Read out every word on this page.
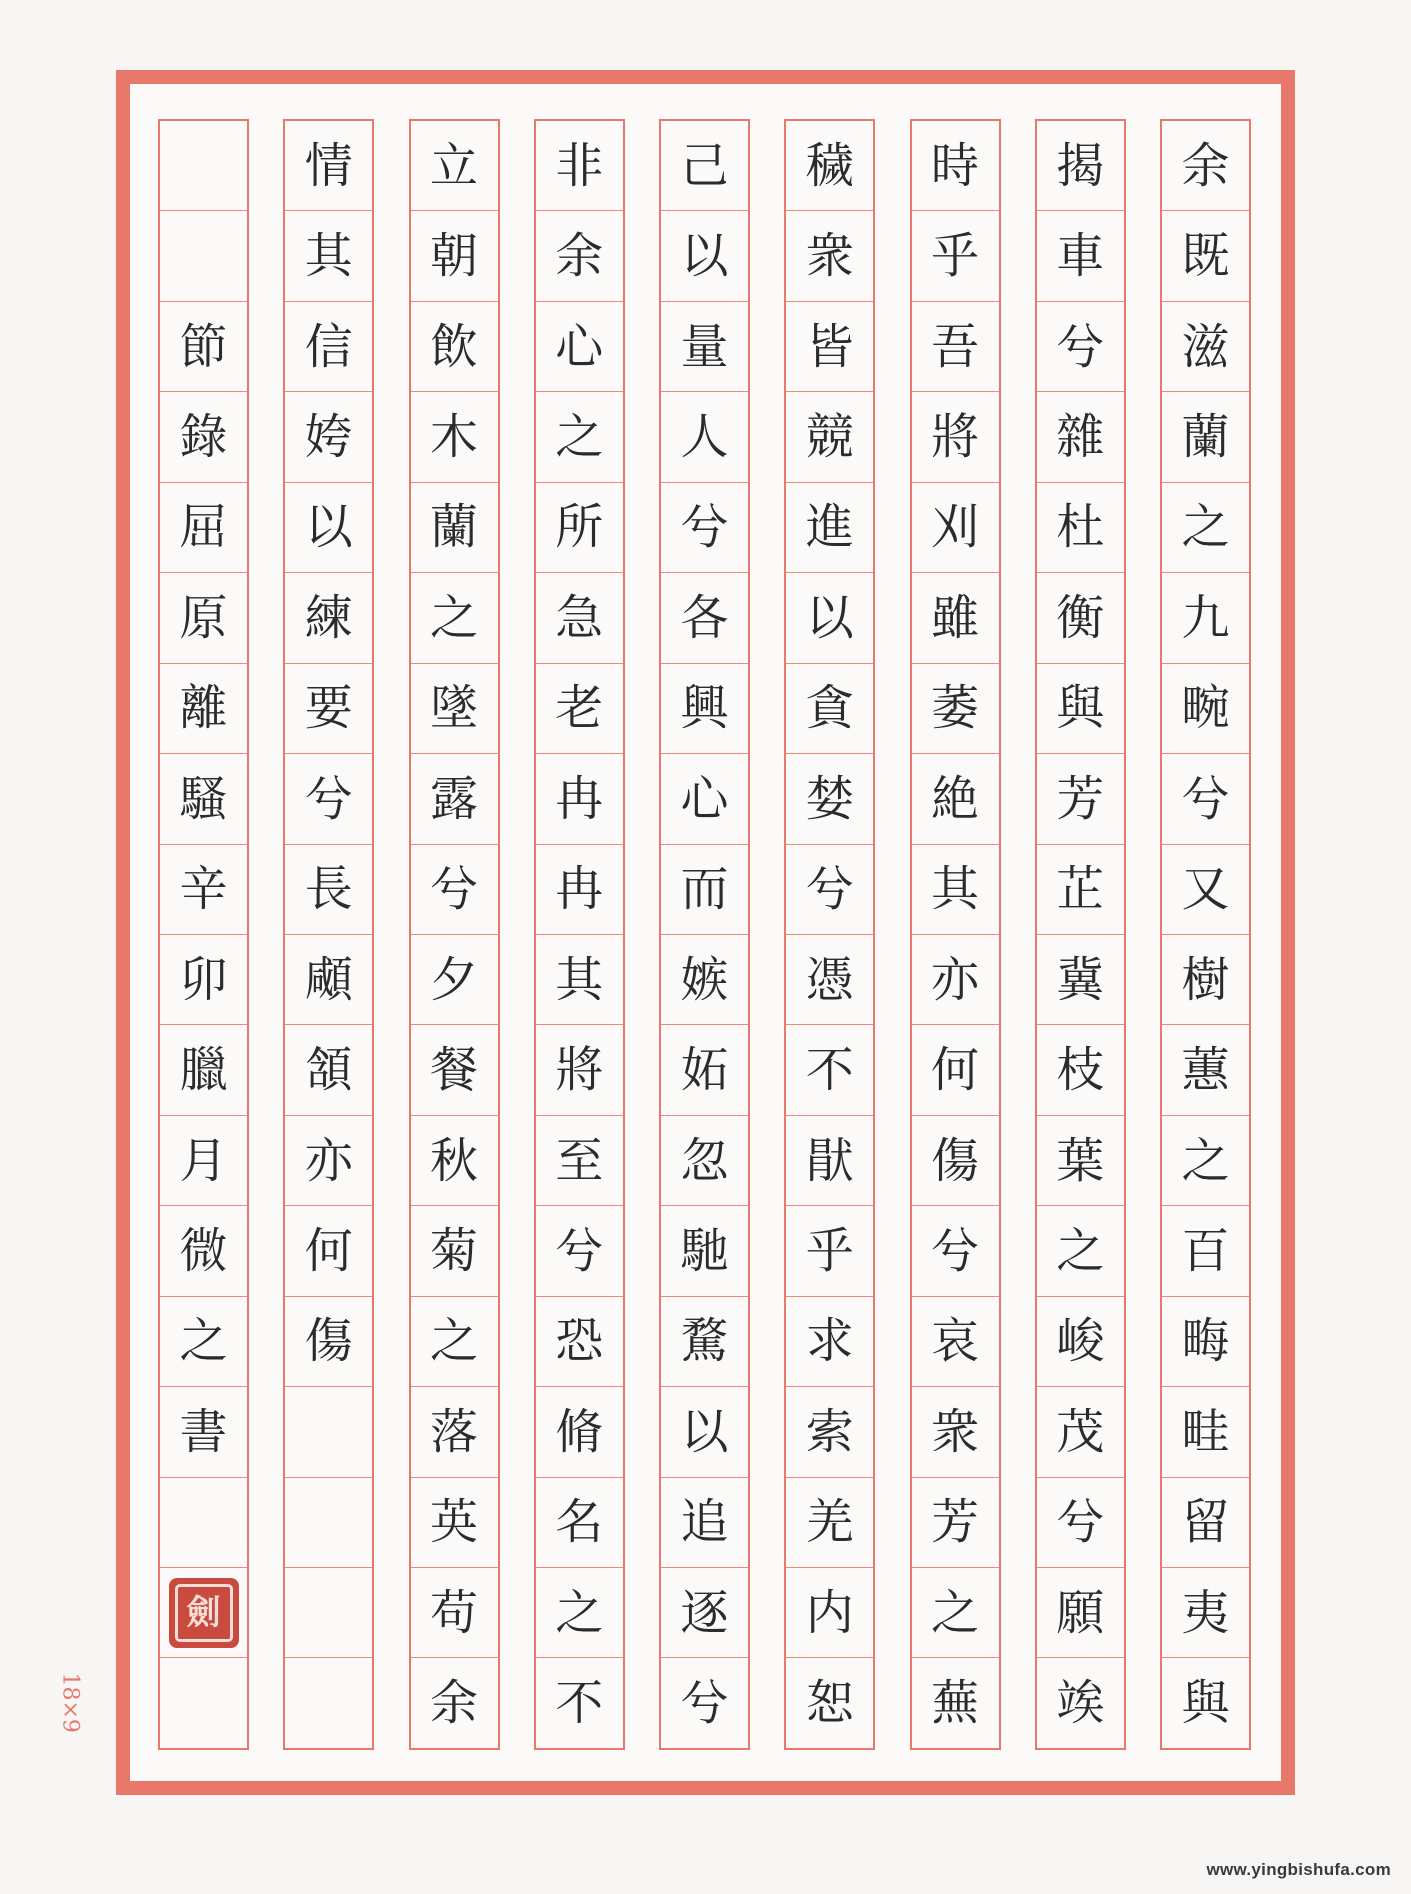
余
既
滋
蘭
之
九
畹
兮
又
樹
蕙
之
百
畮
畦
留
夷
與
揭
車
兮
雜
杜
衡
與
芳
芷
冀
枝
葉
之
峻
茂
兮
願
竢
時
乎
吾
將
刈
雖
萎
絶
其
亦
何
傷
兮
哀
衆
芳
之
蕪
穢
衆
皆
競
進
以
貪
婪
兮
憑
不
猒
乎
求
索
羌
内
恕
己
以
量
人
兮
各
興
心
而
嫉
妬
忽
馳
騖
以
追
逐
兮
非
余
心
之
所
急
老
冉
冉
其
將
至
兮
恐
脩
名
之
不
立
朝
飲
木
蘭
之
墜
露
兮
夕
餐
秋
菊
之
落
英
苟
余
情
其
信
姱
以
練
要
兮
長
顑
頷
亦
何
傷
節
錄
屈
原
離
騷
辛
卯
臘
月
微
之
書
劍
18×9
www.yingbishufa.com
